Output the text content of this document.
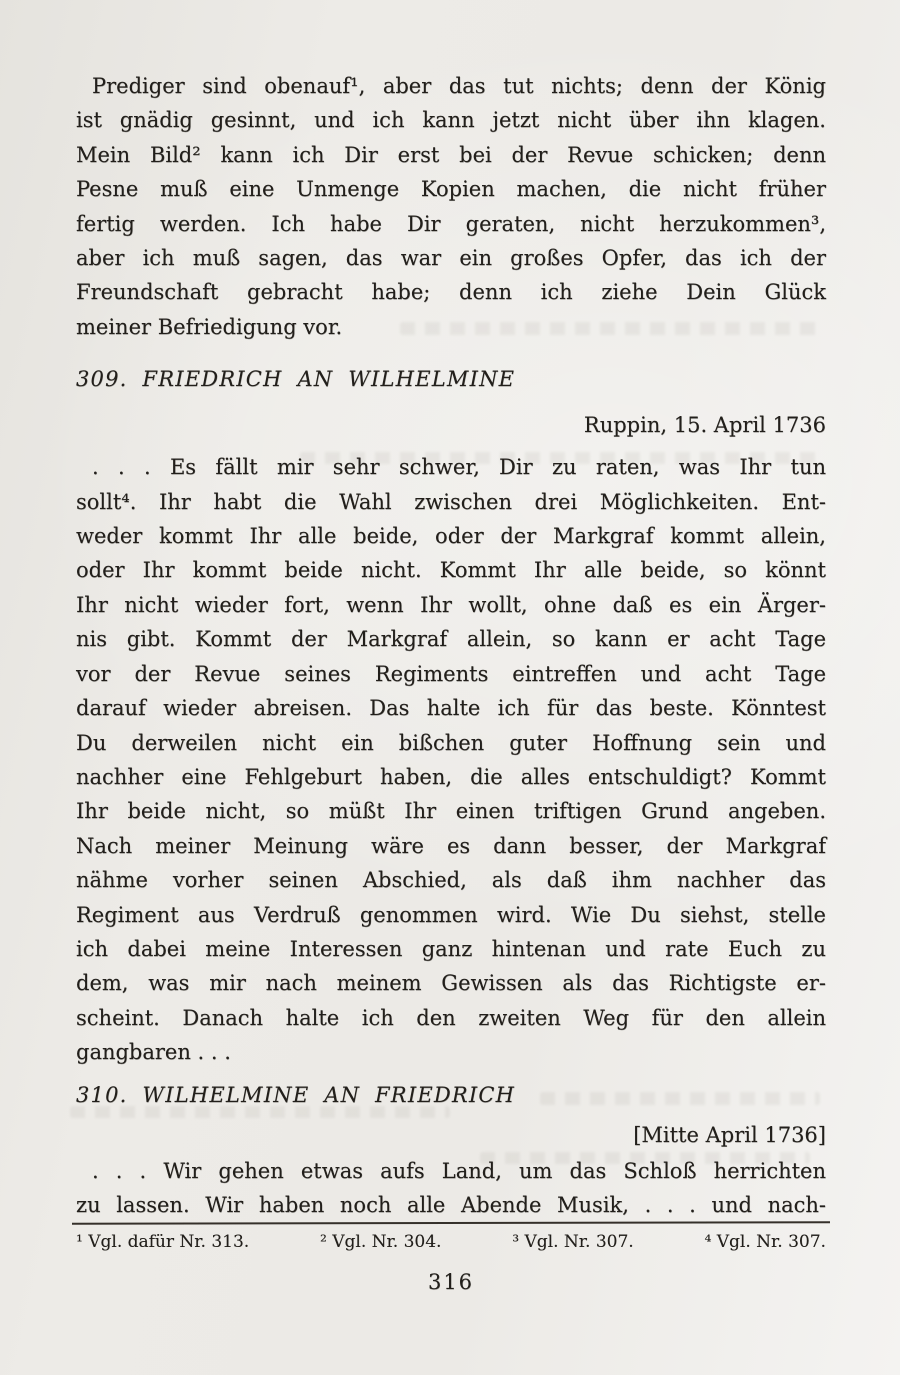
Prediger sind obenauf¹, aber das tut nichts; denn der König
ist gnädig gesinnt, und ich kann jetzt nicht über ihn klagen.
Mein Bild² kann ich Dir erst bei der Revue schicken; denn
Pesne muß eine Unmenge Kopien machen, die nicht früher
fertig werden. Ich habe Dir geraten, nicht herzukommen³,
aber ich muß sagen, das war ein großes Opfer, das ich der
Freundschaft gebracht habe; denn ich ziehe Dein Glück
meiner Befriedigung vor.
309. FRIEDRICH AN WILHELMINE
Ruppin, 15. April 1736
. . . Es fällt mir sehr schwer, Dir zu raten, was Ihr tun
sollt⁴. Ihr habt die Wahl zwischen drei Möglichkeiten. Ent-
weder kommt Ihr alle beide, oder der Markgraf kommt allein,
oder Ihr kommt beide nicht. Kommt Ihr alle beide, so könnt
Ihr nicht wieder fort, wenn Ihr wollt, ohne daß es ein Ärger-
nis gibt. Kommt der Markgraf allein, so kann er acht Tage
vor der Revue seines Regiments eintreffen und acht Tage
darauf wieder abreisen. Das halte ich für das beste. Könntest
Du derweilen nicht ein bißchen guter Hoffnung sein und
nachher eine Fehlgeburt haben, die alles entschuldigt? Kommt
Ihr beide nicht, so müßt Ihr einen triftigen Grund angeben.
Nach meiner Meinung wäre es dann besser, der Markgraf
nähme vorher seinen Abschied, als daß ihm nachher das
Regiment aus Verdruß genommen wird. Wie Du siehst, stelle
ich dabei meine Interessen ganz hintenan und rate Euch zu
dem, was mir nach meinem Gewissen als das Richtigste er-
scheint. Danach halte ich den zweiten Weg für den allein
gangbaren . . .
310. WILHELMINE AN FRIEDRICH
[Mitte April 1736]
. . . Wir gehen etwas aufs Land, um das Schloß herrichten
zu lassen. Wir haben noch alle Abende Musik, . . . und nach-
¹ Vgl. dafür Nr. 313.	² Vgl. Nr. 304.	³ Vgl. Nr. 307.	⁴ Vgl. Nr. 307.
316
